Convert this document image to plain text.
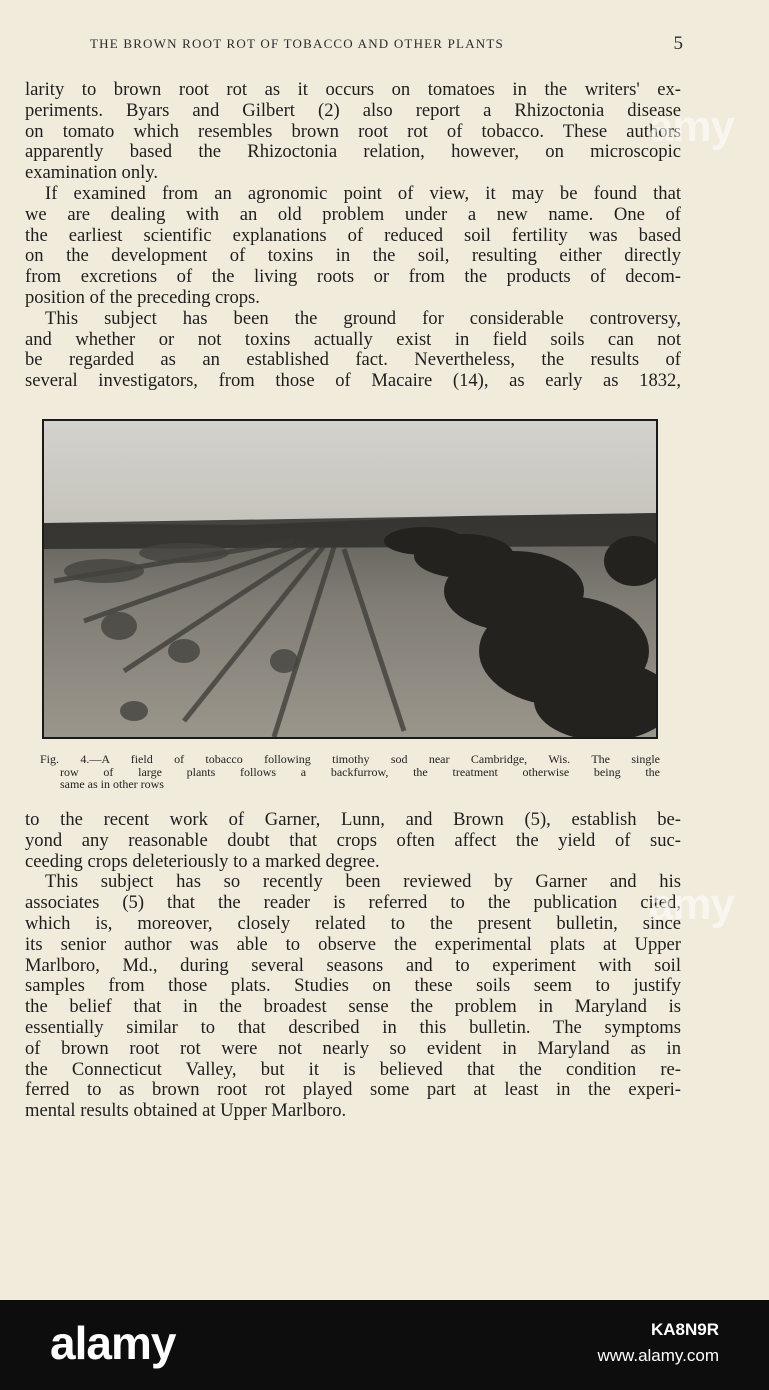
THE BROWN ROOT ROT OF TOBACCO AND OTHER PLANTS	5
larity to brown root rot as it occurs on tomatoes in the writers' ex-
periments. Byars and Gilbert (2) also report a Rhizoctonia disease
on tomato which resembles brown root rot of tobacco. These authors
apparently based the Rhizoctonia relation, however, on microscopic
examination only.
If examined from an agronomic point of view, it may be found that
we are dealing with an old problem under a new name. One of
the earliest scientific explanations of reduced soil fertility was based
on the development of toxins in the soil, resulting either directly
from excretions of the living roots or from the products of decom-
position of the preceding crops.
This subject has been the ground for considerable controversy,
and whether or not toxins actually exist in field soils can not
be regarded as an established fact. Nevertheless, the results of
several investigators, from those of Macaire (14), as early as 1832,
Fig. 4.—A field of tobacco following timothy sod near Cambridge, Wis. The single
row of large plants follows a backfurrow, the treatment otherwise being the
same as in other rows
to the recent work of Garner, Lunn, and Brown (5), establish be-
yond any reasonable doubt that crops often affect the yield of suc-
ceeding crops deleteriously to a marked degree.
This subject has so recently been reviewed by Garner and his
associates (5) that the reader is referred to the publication cited,
which is, moreover, closely related to the present bulletin, since
its senior author was able to observe the experimental plats at Upper
Marlboro, Md., during several seasons and to experiment with soil
samples from those plats. Studies on these soils seem to justify
the belief that in the broadest sense the problem in Maryland is
essentially similar to that described in this bulletin. The symptoms
of brown root rot were not nearly so evident in Maryland as in
the Connecticut Valley, but it is believed that the condition re-
ferred to as brown root rot played some part at least in the experi-
mental results obtained at Upper Marlboro.
amy
amy
alamy	KA8N9R
www.alamy.com
